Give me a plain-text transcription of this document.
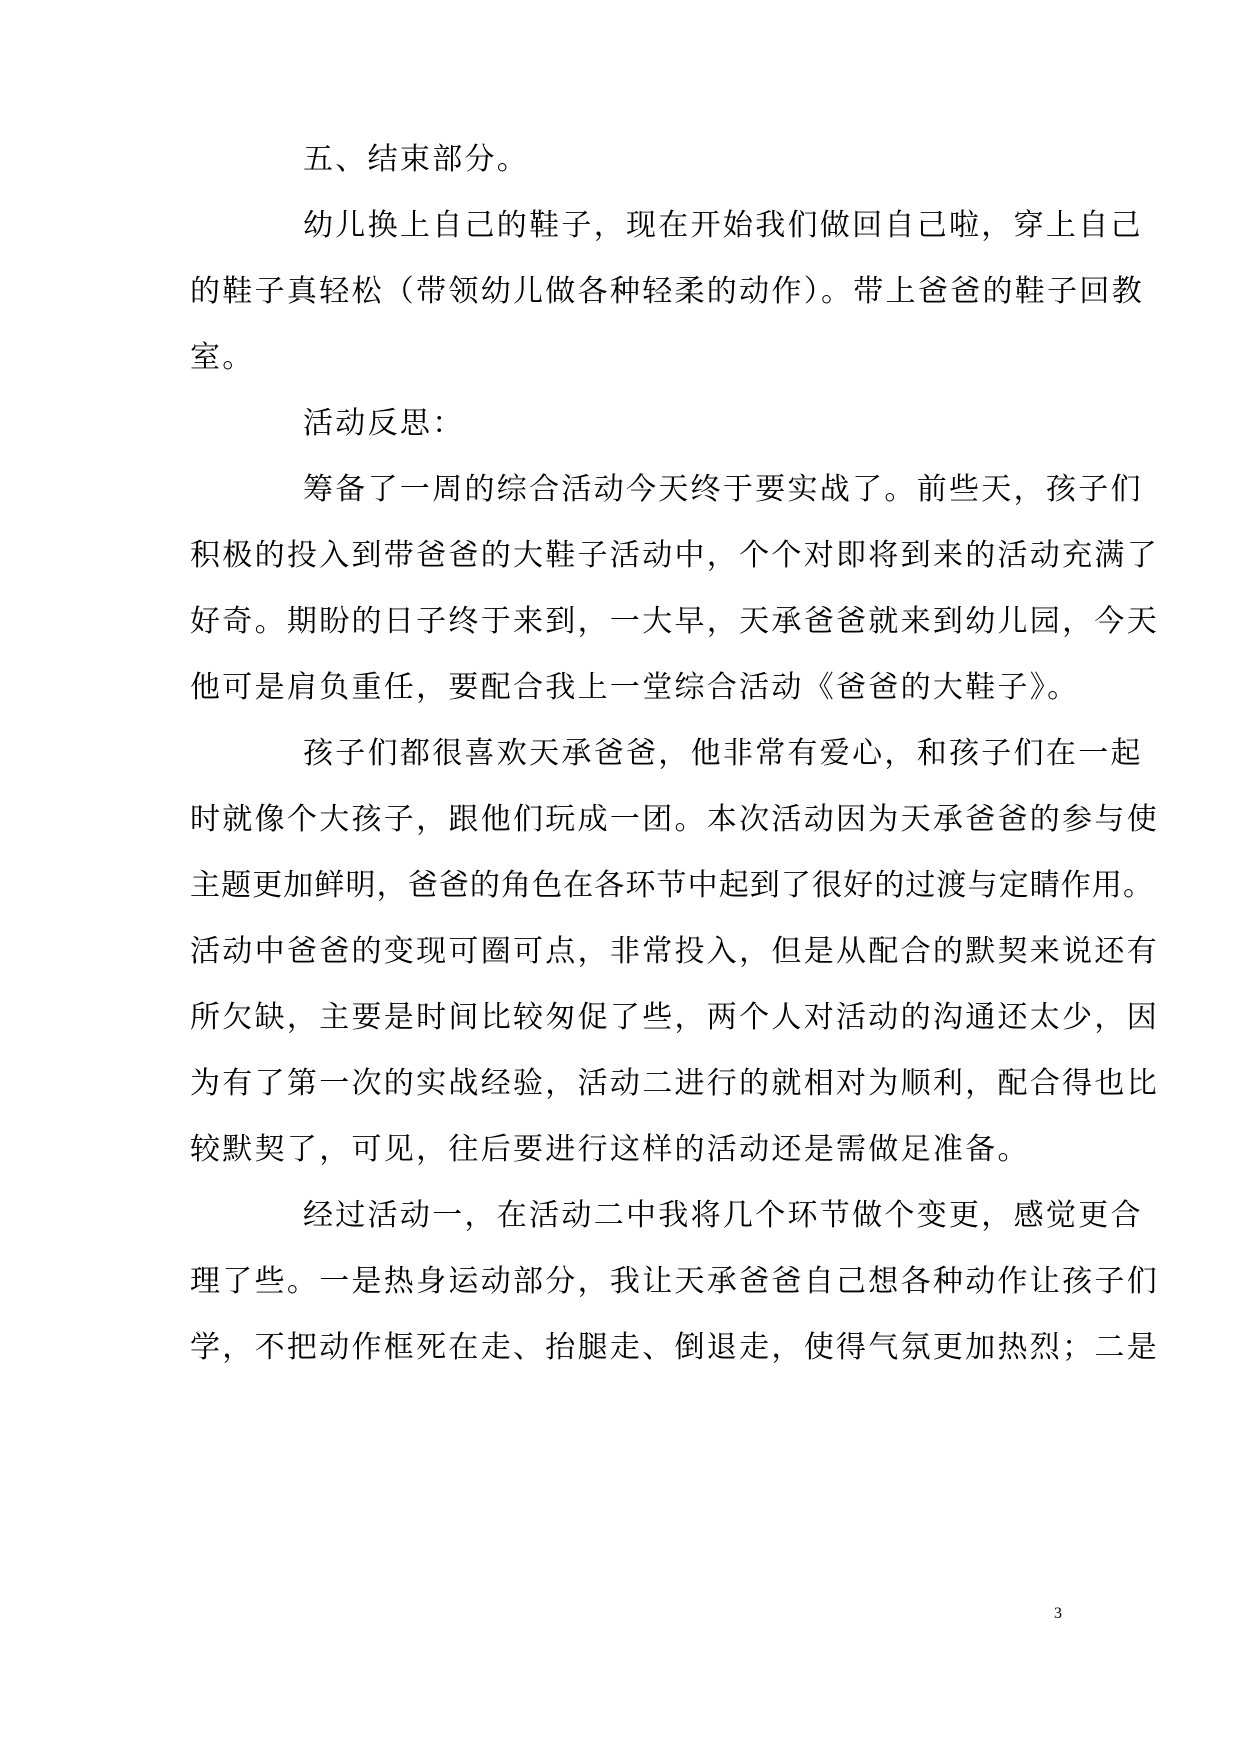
五、结束部分。
幼儿换上自己的鞋子，现在开始我们做回自己啦，穿上自己
的鞋子真轻松（带领幼儿做各种轻柔的动作）。带上爸爸的鞋子回教
室。
活动反思：
筹备了一周的综合活动今天终于要实战了。前些天，孩子们
积极的投入到带爸爸的大鞋子活动中，个个对即将到来的活动充满了
好奇。期盼的日子终于来到，一大早，天承爸爸就来到幼儿园，今天
他可是肩负重任，要配合我上一堂综合活动《爸爸的大鞋子》。
孩子们都很喜欢天承爸爸，他非常有爱心，和孩子们在一起
时就像个大孩子，跟他们玩成一团。本次活动因为天承爸爸的参与使
主题更加鲜明，爸爸的角色在各环节中起到了很好的过渡与定睛作用。
活动中爸爸的变现可圈可点，非常投入，但是从配合的默契来说还有
所欠缺，主要是时间比较匆促了些，两个人对活动的沟通还太少，因
为有了第一次的实战经验，活动二进行的就相对为顺利，配合得也比
较默契了，可见，往后要进行这样的活动还是需做足准备。
经过活动一，在活动二中我将几个环节做个变更，感觉更合
理了些。一是热身运动部分，我让天承爸爸自己想各种动作让孩子们
学，不把动作框死在走、抬腿走、倒退走，使得气氛更加热烈；二是
3
